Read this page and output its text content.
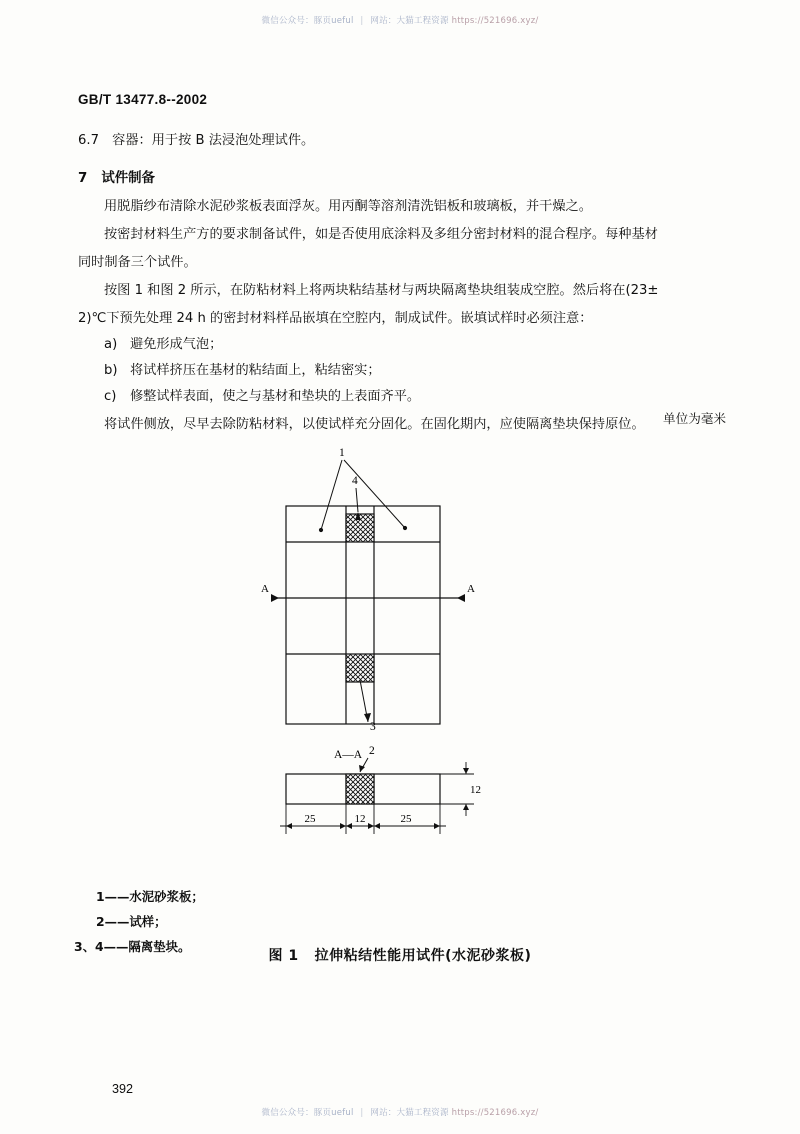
微信公众号：豚页ueful | 网站：大猫工程资源 https://521696.xyz/
GB/T 13477.8--2002
6.7　容器：用于按 B 法浸泡处理试件。
7 试件制备
用脱脂纱布清除水泥砂浆板表面浮灰。用丙酮等溶剂清洗铝板和玻璃板，并干燥之。
按密封材料生产方的要求制备试件，如是否使用底涂料及多组分密封材料的混合程序。每种基材
同时制备三个试件。
按图 1 和图 2 所示，在防粘材料上将两块粘结基材与两块隔离垫块组装成空腔。然后将在(23±
2)℃下预先处理 24 h 的密封材料样品嵌填在空腔内，制成试件。嵌填试样时必须注意：
a) 避免形成气泡；
b) 将试样挤压在基材的粘结面上，粘结密实；
c) 修整试样表面，使之与基材和垫块的上表面齐平。
将试件侧放，尽早去除防粘材料，以使试样充分固化。在固化期内，应使隔离垫块保持原位。	单位为毫米
A	A
1
4
3
A—A 2
12
25	12	25
1——水泥砂浆板；
2——试样；
3、4——隔离垫块。
图 1 拉伸粘结性能用试件(水泥砂浆板)
392
微信公众号：豚页ueful | 网站：大猫工程资源 https://521696.xyz/
